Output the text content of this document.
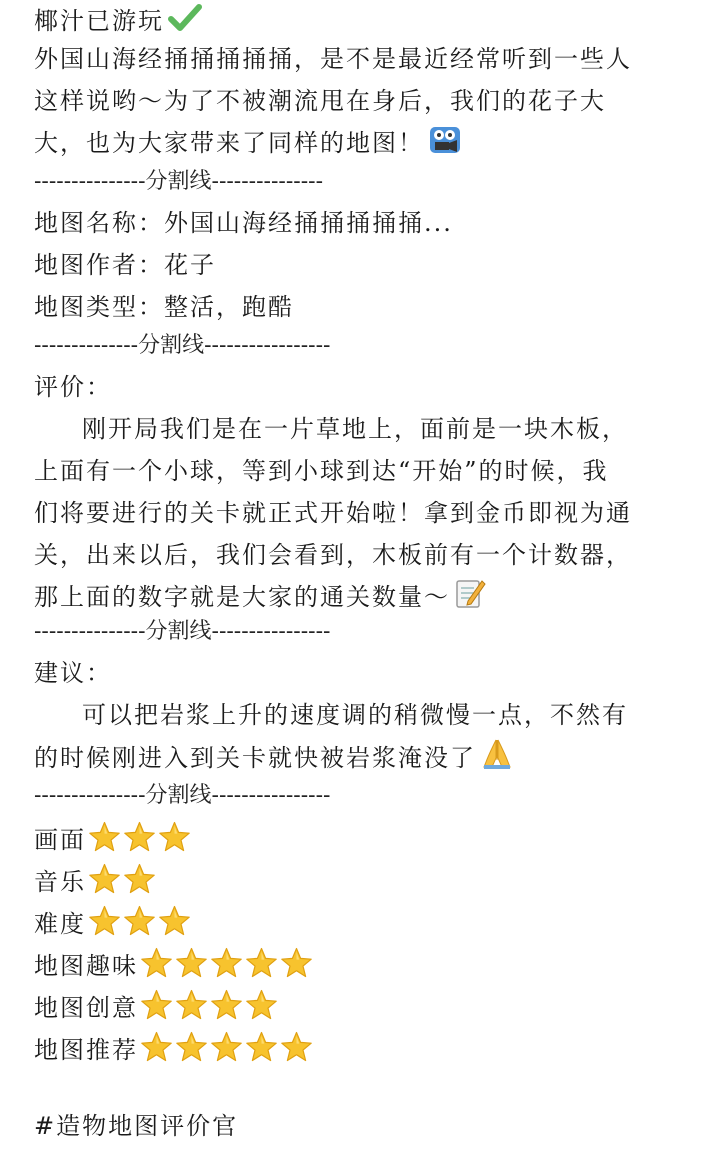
椰汁已游玩
外国山海经捅捅捅捅捅，是不是最近经常听到一些人
这样说哟～为了不被潮流甩在身后，我们的花子大
大，也为大家带来了同样的地图！
---------------分割线---------------
地图名称：外国山海经捅捅捅捅捅...
地图作者：花子
地图类型：整活，跑酷
--------------分割线-----------------
评价：
刚开局我们是在一片草地上，面前是一块木板，
上面有一个小球，等到小球到达“开始”的时候，我
们将要进行的关卡就正式开始啦！拿到金币即视为通
关，出来以后，我们会看到，木板前有一个计数器，
那上面的数字就是大家的通关数量～
---------------分割线----------------
建议：
可以把岩浆上升的速度调的稍微慢一点，不然有
的时候刚进入到关卡就快被岩浆淹没了
---------------分割线----------------
画面
音乐
难度
地图趣味
地图创意
地图推荐
#造物地图评价官
